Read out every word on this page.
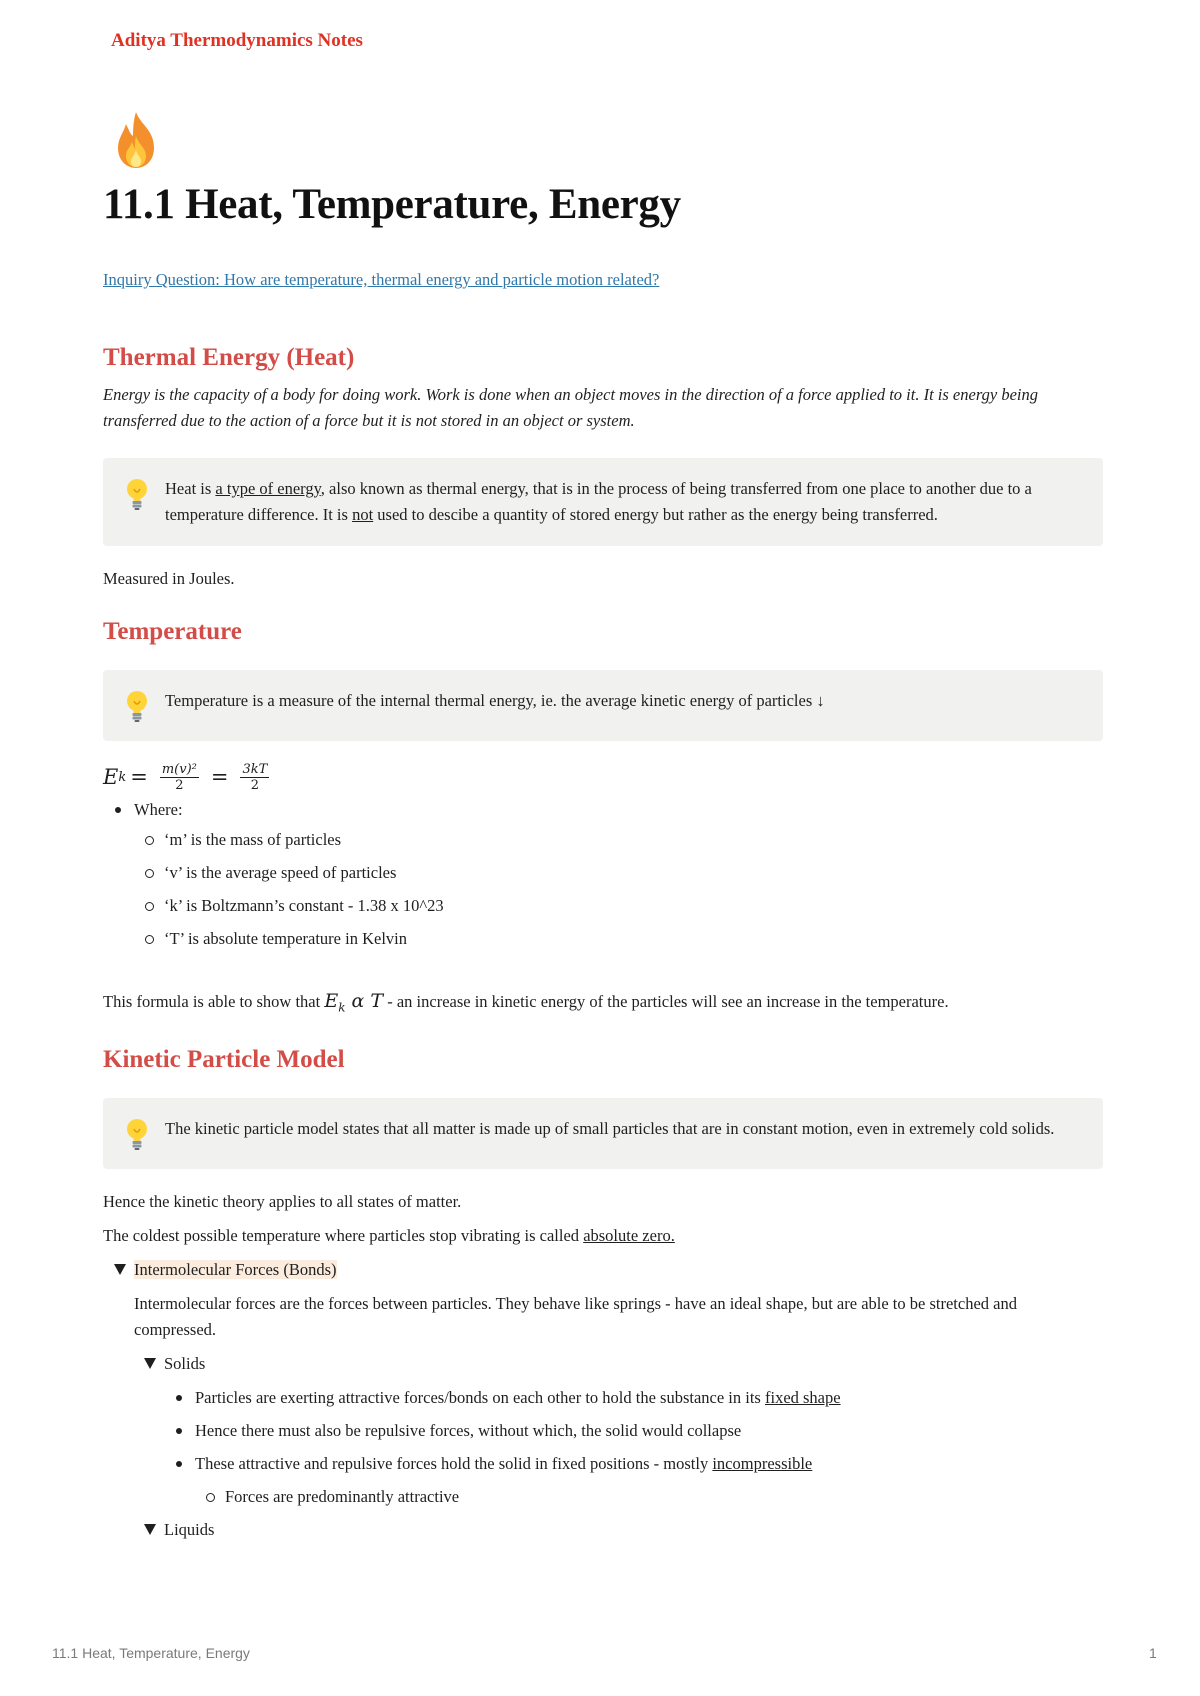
Aditya Thermodynamics Notes
11.1 Heat, Temperature, Energy
Inquiry Question: How are temperature, thermal energy and particle motion related?
Thermal Energy (Heat)

Energy is the capacity of a body for doing work. Work is done when an object moves in the direction of a force applied to it. It is energy being transferred due to the action of a force but it is not stored in an object or system.

Heat is a type of energy, also known as thermal energy, that is in the process of being transferred from one place to another due to a temperature difference. It is not used to descibe a quantity of stored energy but rather as the energy being transferred.

Measured in Joules.

Temperature
Temperature is a measure of the internal thermal energy, ie. the average kinetic energy of particles ↓
E $k = \frac{\text{m(v)²}}{2} = \frac{3kT}{2}$
Where:
‘m’ is the mass of particles
‘v’ is the average speed of particles
‘k’ is Boltzmann’s constant - 1.38 x 10^23
‘T’ is absolute temperature in Kelvin

This formula is able to show that $E_k$ α T - an increase in kinetic energy of the particles will see an increase in the temperature.

Kinetic Particle Model
The kinetic particle model states that all matter is made up of small particles that are in constant motion, even in extremely cold solids.

Hence the kinetic theory applies to all states of matter.

The coldest possible temperature where particles stop vibrating is called absolute zero.

Intermolecular Forces (Bonds)

Intermolecular forces are the forces between particles. They behave like springs - have an ideal shape, but are able to be stretched and compressed.

Solids
Particles are exerting attractive forces/bonds on each other to hold the substance in its fixed shape
Hence there must also be repulsive forces, without which, the solid would collapse
These attractive and repulsive forces hold the solid in fixed positions - mostly incompressible
Forces are predominantly attractive
Liquids
11.1 Heat, Temperature, Energy	1
